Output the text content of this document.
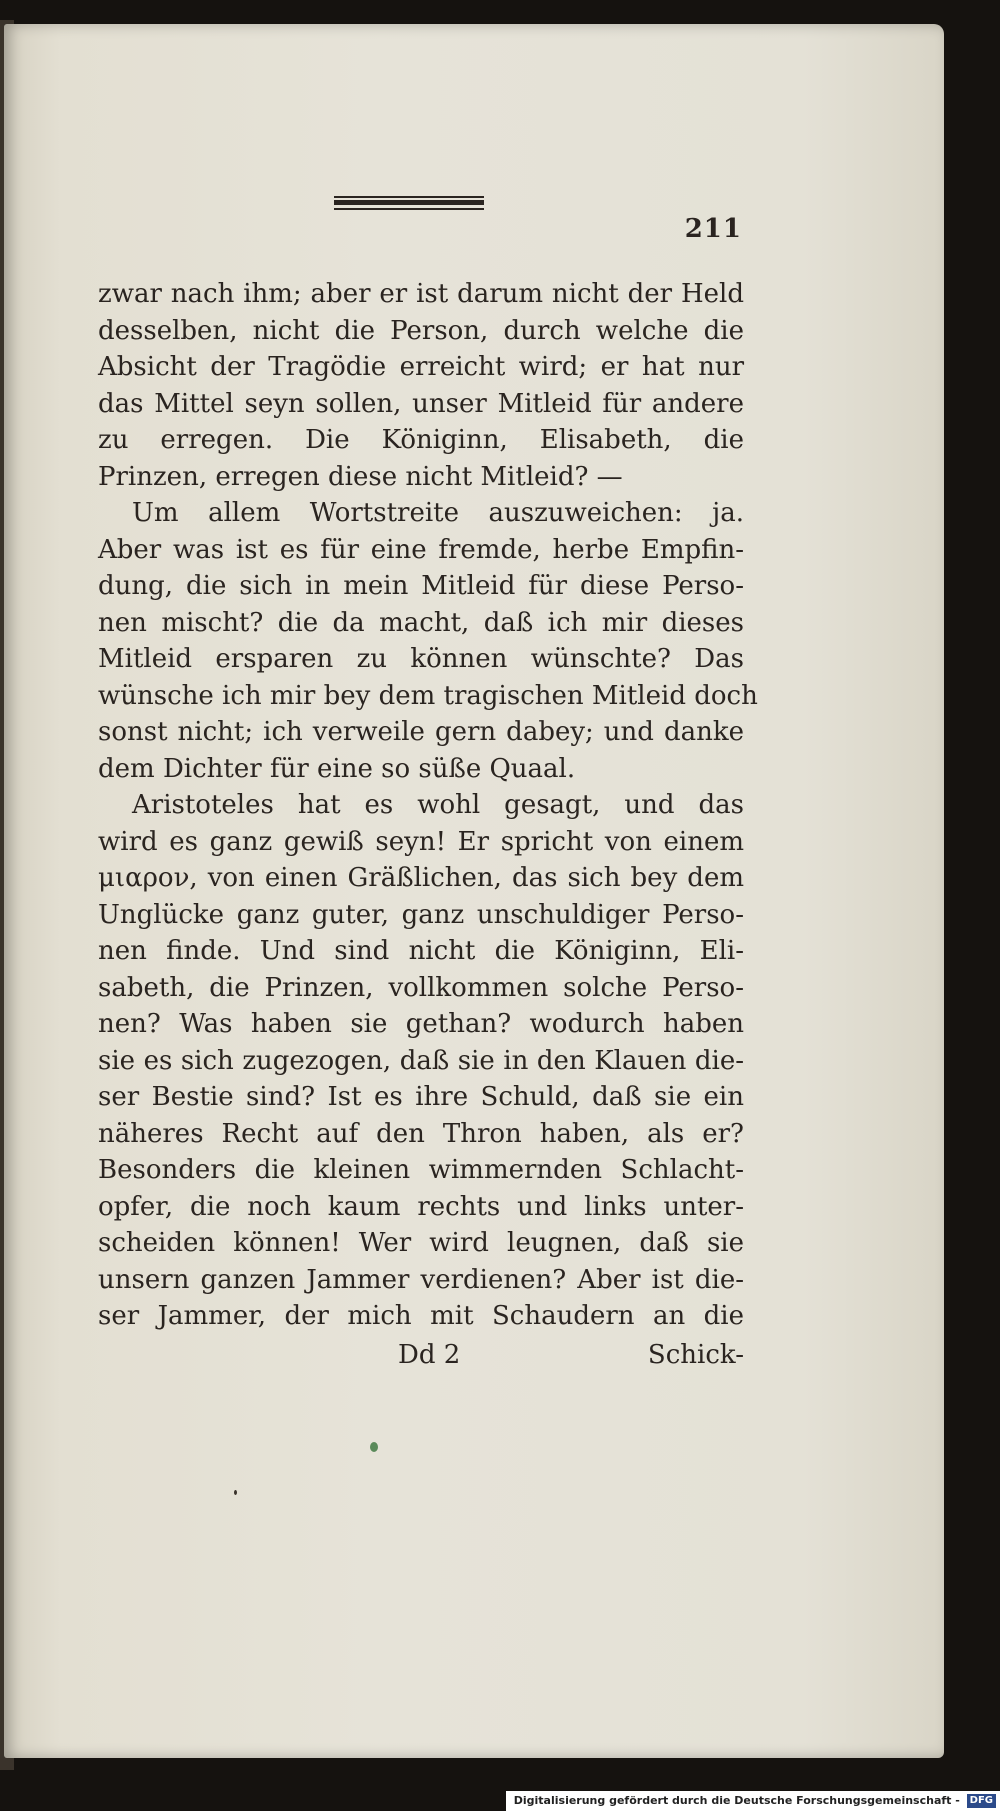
211
zwar nach ihm; aber er ist darum nicht der Held
desselben, nicht die Person, durch welche die
Absicht der Tragödie erreicht wird; er hat nur
das Mittel seyn sollen, unser Mitleid für andere
zu erregen. Die Königinn, Elisabeth, die
Prinzen, erregen diese nicht Mitleid? —
Um allem Wortstreite auszuweichen: ja.
Aber was ist es für eine fremde, herbe Empfin-
dung, die sich in mein Mitleid für diese Perso-
nen mischt? die da macht, daß ich mir dieses
Mitleid ersparen zu können wünschte? Das
wünsche ich mir bey dem tragischen Mitleid doch
sonst nicht; ich verweile gern dabey; und danke
dem Dichter für eine so süße Quaal.
Aristoteles hat es wohl gesagt, und das
wird es ganz gewiß seyn! Er spricht von einem
μιαρον, von einen Gräßlichen, das sich bey dem
Unglücke ganz guter, ganz unschuldiger Perso-
nen finde. Und sind nicht die Königinn, Eli-
sabeth, die Prinzen, vollkommen solche Perso-
nen? Was haben sie gethan? wodurch haben
sie es sich zugezogen, daß sie in den Klauen die-
ser Bestie sind? Ist es ihre Schuld, daß sie ein
näheres Recht auf den Thron haben, als er?
Besonders die kleinen wimmernden Schlacht-
opfer, die noch kaum rechts und links unter-
scheiden können! Wer wird leugnen, daß sie
unsern ganzen Jammer verdienen? Aber ist die-
ser Jammer, der mich mit Schaudern an die
Dd 2	Schick-
Digitalisierung gefördert durch die Deutsche Forschungsgemeinschaft - DFG
